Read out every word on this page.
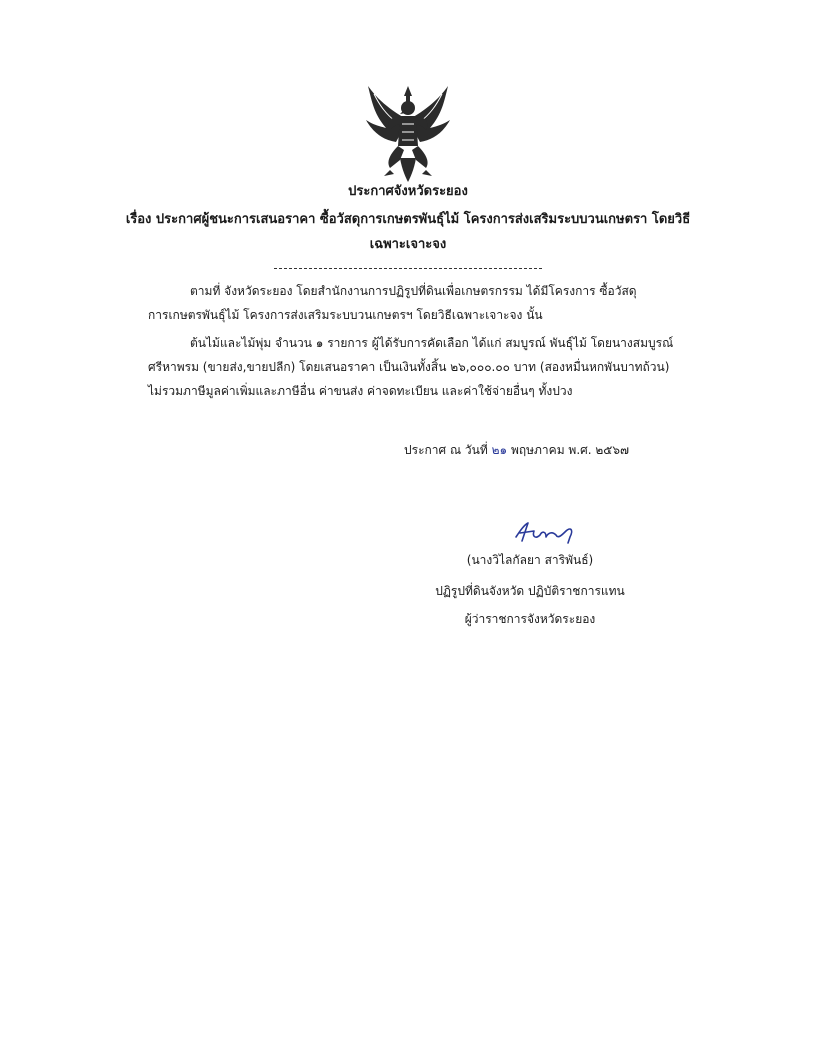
ประกาศจังหวัดระยอง
เรื่อง ประกาศผู้ชนะการเสนอราคา ซื้อวัสดุการเกษตรพันธุ์ไม้ โครงการส่งเสริมระบบวนเกษตรา โดยวิธีเฉพาะเจาะจง
ตามที่ จังหวัดระยอง โดยสำนักงานการปฏิรูปที่ดินเพื่อเกษตรกรรม ได้มีโครงการ ซื้อวัสดุการเกษตรพันธุ์ไม้ โครงการส่งเสริมระบบวนเกษตรฯ โดยวิธีเฉพาะเจาะจง นั้น
ต้นไม้และไม้พุ่ม จำนวน ๑ รายการ ผู้ได้รับการคัดเลือก ได้แก่ สมบูรณ์ พันธุ์ไม้ โดยนางสมบูรณ์ ศรีหาพรม (ขายส่ง,ขายปลีก) โดยเสนอราคา เป็นเงินทั้งสิ้น ๒๖,๐๐๐.๐๐ บาท (สองหมื่นหกพันบาทถ้วน) ไม่รวมภาษีมูลค่าเพิ่มและภาษีอื่น ค่าขนส่ง ค่าจดทะเบียน และค่าใช้จ่ายอื่นๆ ทั้งปวง
ประกาศ ณ วันที่ ๒๑ พฤษภาคม พ.ศ. ๒๕๖๗
(นางวิไลกัลยา สาริพันธ์)
ปฏิรูปที่ดินจังหวัด ปฏิบัติราชการแทน
ผู้ว่าราชการจังหวัดระยอง
